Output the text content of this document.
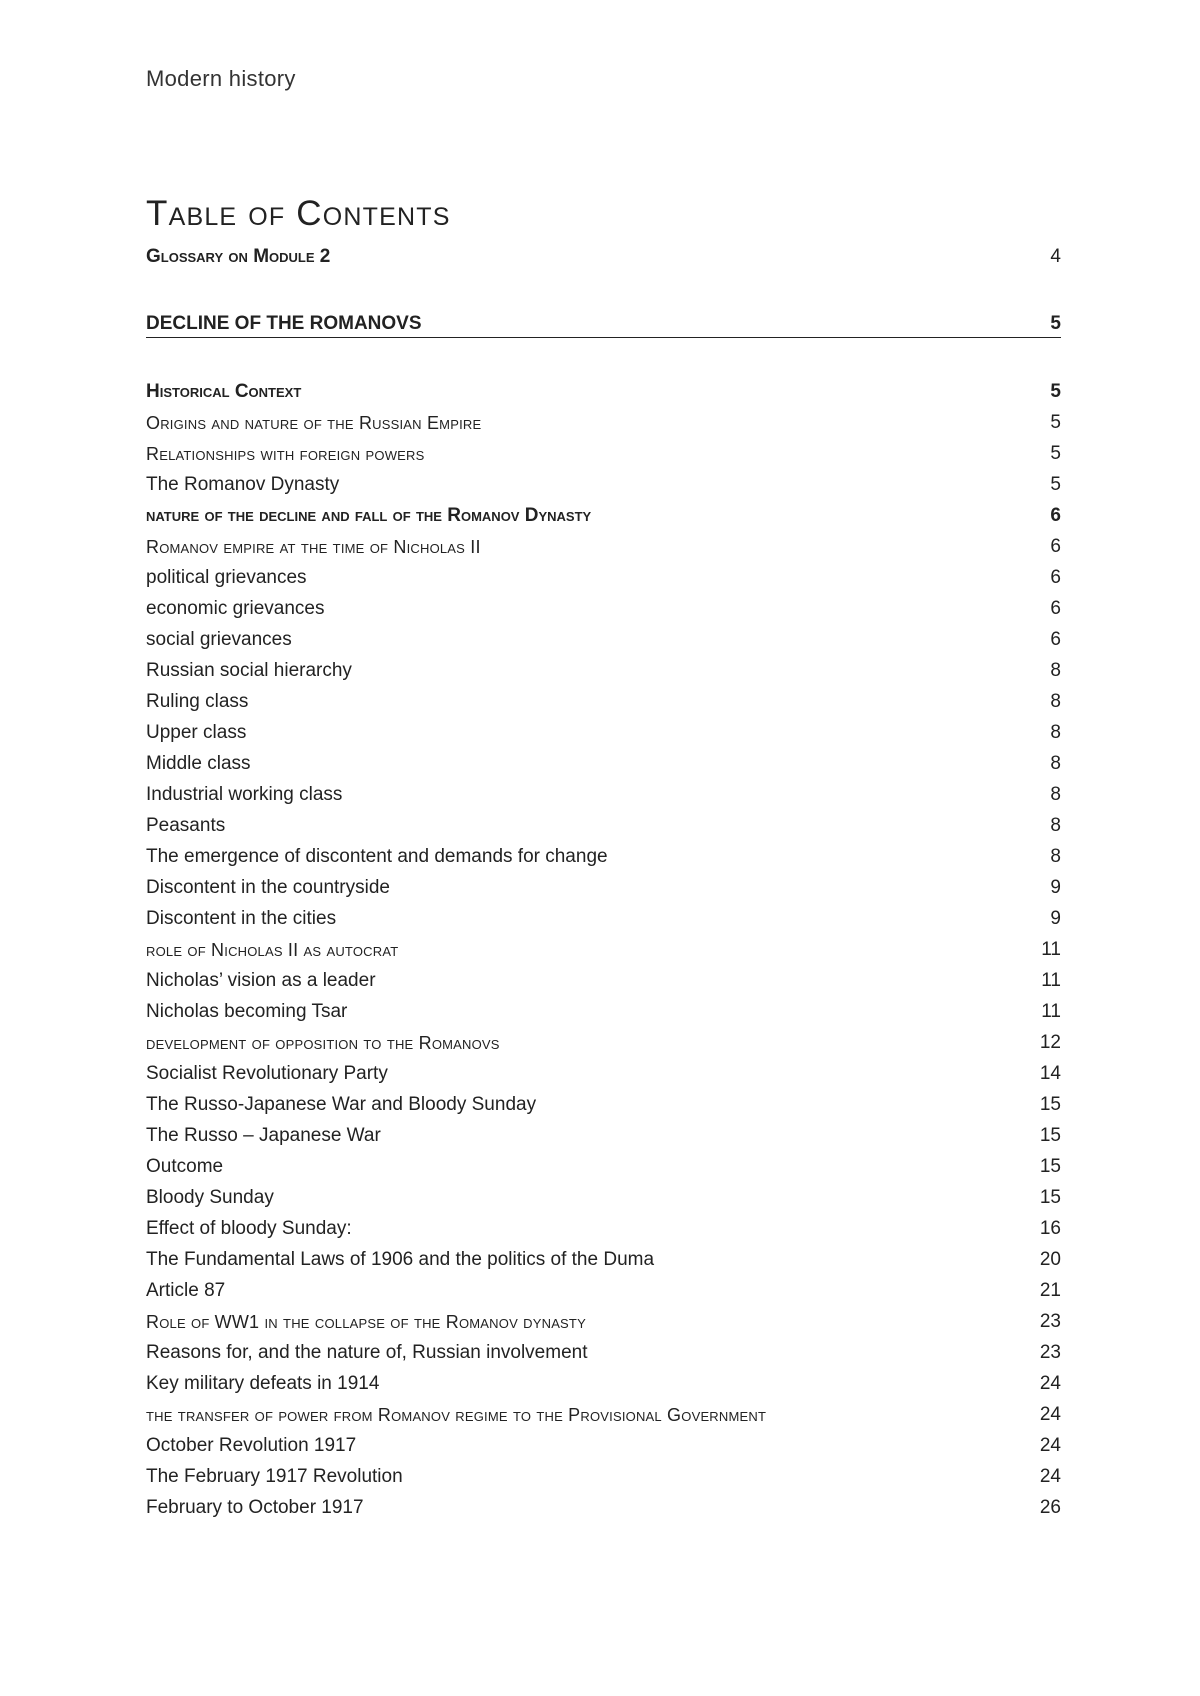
Modern history
Table of Contents
Glossary on Module 2	4
DECLINE OF THE ROMANOVS	5
Historical Context	5
Origins and nature of the Russian Empire	5
Relationships with foreign powers	5
The Romanov Dynasty	5
nature of the decline and fall of the Romanov Dynasty	6
Romanov empire at the time of Nicholas II	6
political grievances	6
economic grievances	6
social grievances	6
Russian social hierarchy	8
Ruling class	8
Upper class	8
Middle class	8
Industrial working class	8
Peasants	8
The emergence of discontent and demands for change	8
Discontent in the countryside	9
Discontent in the cities	9
role of Nicholas II as autocrat	11
Nicholas’ vision as a leader	11
Nicholas becoming Tsar	11
development of opposition to the Romanovs	12
Socialist Revolutionary Party	14
The Russo-Japanese War and Bloody Sunday	15
The Russo – Japanese War	15
Outcome	15
Bloody Sunday	15
Effect of bloody Sunday:	16
The Fundamental Laws of 1906 and the politics of the Duma	20
Article 87	21
Role of WW1 in the collapse of the Romanov dynasty	23
Reasons for, and the nature of, Russian involvement	23
Key military defeats in 1914	24
the transfer of power from Romanov regime to the Provisional Government	24
October Revolution 1917	24
The February 1917 Revolution	24
February to October 1917	26
